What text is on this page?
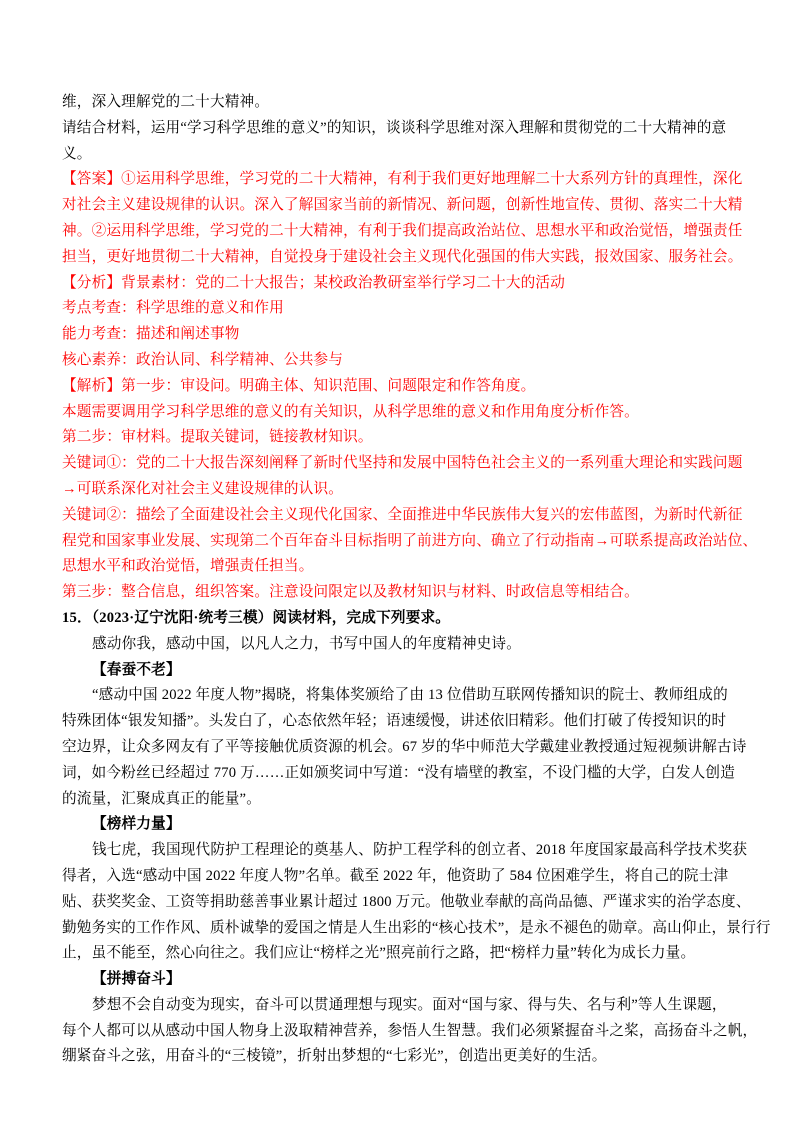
维，深入理解党的二十大精神。
请结合材料，运用“学习科学思维的意义”的知识，谈谈科学思维对深入理解和贯彻党的二十大精神的意
义。
【答案】①运用科学思维，学习党的二十大精神，有利于我们更好地理解二十大系列方针的真理性，深化
对社会主义建设规律的认识。深入了解国家当前的新情况、新问题，创新性地宣传、贯彻、落实二十大精
神。②运用科学思维，学习党的二十大精神，有利于我们提高政治站位、思想水平和政治觉悟，增强责任
担当，更好地贯彻二十大精神，自觉投身于建设社会主义现代化强国的伟大实践，报效国家、服务社会。
【分析】背景素材：党的二十大报告；某校政治教研室举行学习二十大的活动
考点考查：科学思维的意义和作用
能力考查：描述和阐述事物
核心素养：政治认同、科学精神、公共参与
【解析】第一步：审设问。明确主体、知识范围、问题限定和作答角度。
本题需要调用学习科学思维的意义的有关知识，从科学思维的意义和作用角度分析作答。
第二步：审材料。提取关键词，链接教材知识。
关键词①：党的二十大报告深刻阐释了新时代坚持和发展中国特色社会主义的一系列重大理论和实践问题
→可联系深化对社会主义建设规律的认识。
关键词②：描绘了全面建设社会主义现代化国家、全面推进中华民族伟大复兴的宏伟蓝图，为新时代新征
程党和国家事业发展、实现第二个百年奋斗目标指明了前进方向、确立了行动指南→可联系提高政治站位、
思想水平和政治觉悟，增强责任担当。
第三步：整合信息，组织答案。注意设问限定以及教材知识与材料、时政信息等相结合。
15．（2023·辽宁沈阳·统考三模）阅读材料，完成下列要求。
感动你我，感动中国，以凡人之力，书写中国人的年度精神史诗。
【春蚕不老】
“感动中国 2022 年度人物”揭晓，将集体奖颁给了由 13 位借助互联网传播知识的院士、教师组成的
特殊团体“银发知播”。头发白了，心态依然年轻；语速缓慢，讲述依旧精彩。他们打破了传授知识的时
空边界，让众多网友有了平等接触优质资源的机会。67 岁的华中师范大学戴建业教授通过短视频讲解古诗
词，如今粉丝已经超过 770 万……正如颁奖词中写道：“没有墙壁的教室，不设门槛的大学，白发人创造
的流量，汇聚成真正的能量”。
【榜样力量】
钱七虎，我国现代防护工程理论的奠基人、防护工程学科的创立者、2018 年度国家最高科学技术奖获
得者，入选“感动中国 2022 年度人物”名单。截至 2022 年，他资助了 584 位困难学生，将自己的院士津
贴、获奖奖金、工资等捐助慈善事业累计超过 1800 万元。他敬业奉献的高尚品德、严谨求实的治学态度、
勤勉务实的工作作风、质朴诚挚的爱国之情是人生出彩的“核心技术”，是永不褪色的勋章。高山仰止，景行行
止，虽不能至，然心向往之。我们应让“榜样之光”照亮前行之路，把“榜样力量”转化为成长力量。
【拼搏奋斗】
梦想不会自动变为现实，奋斗可以贯通理想与现实。面对“国与家、得与失、名与利”等人生课题，
每个人都可以从感动中国人物身上汲取精神营养，参悟人生智慧。我们必须紧握奋斗之桨，高扬奋斗之帆，
绷紧奋斗之弦，用奋斗的“三棱镜”，折射出梦想的“七彩光”，创造出更美好的生活。
